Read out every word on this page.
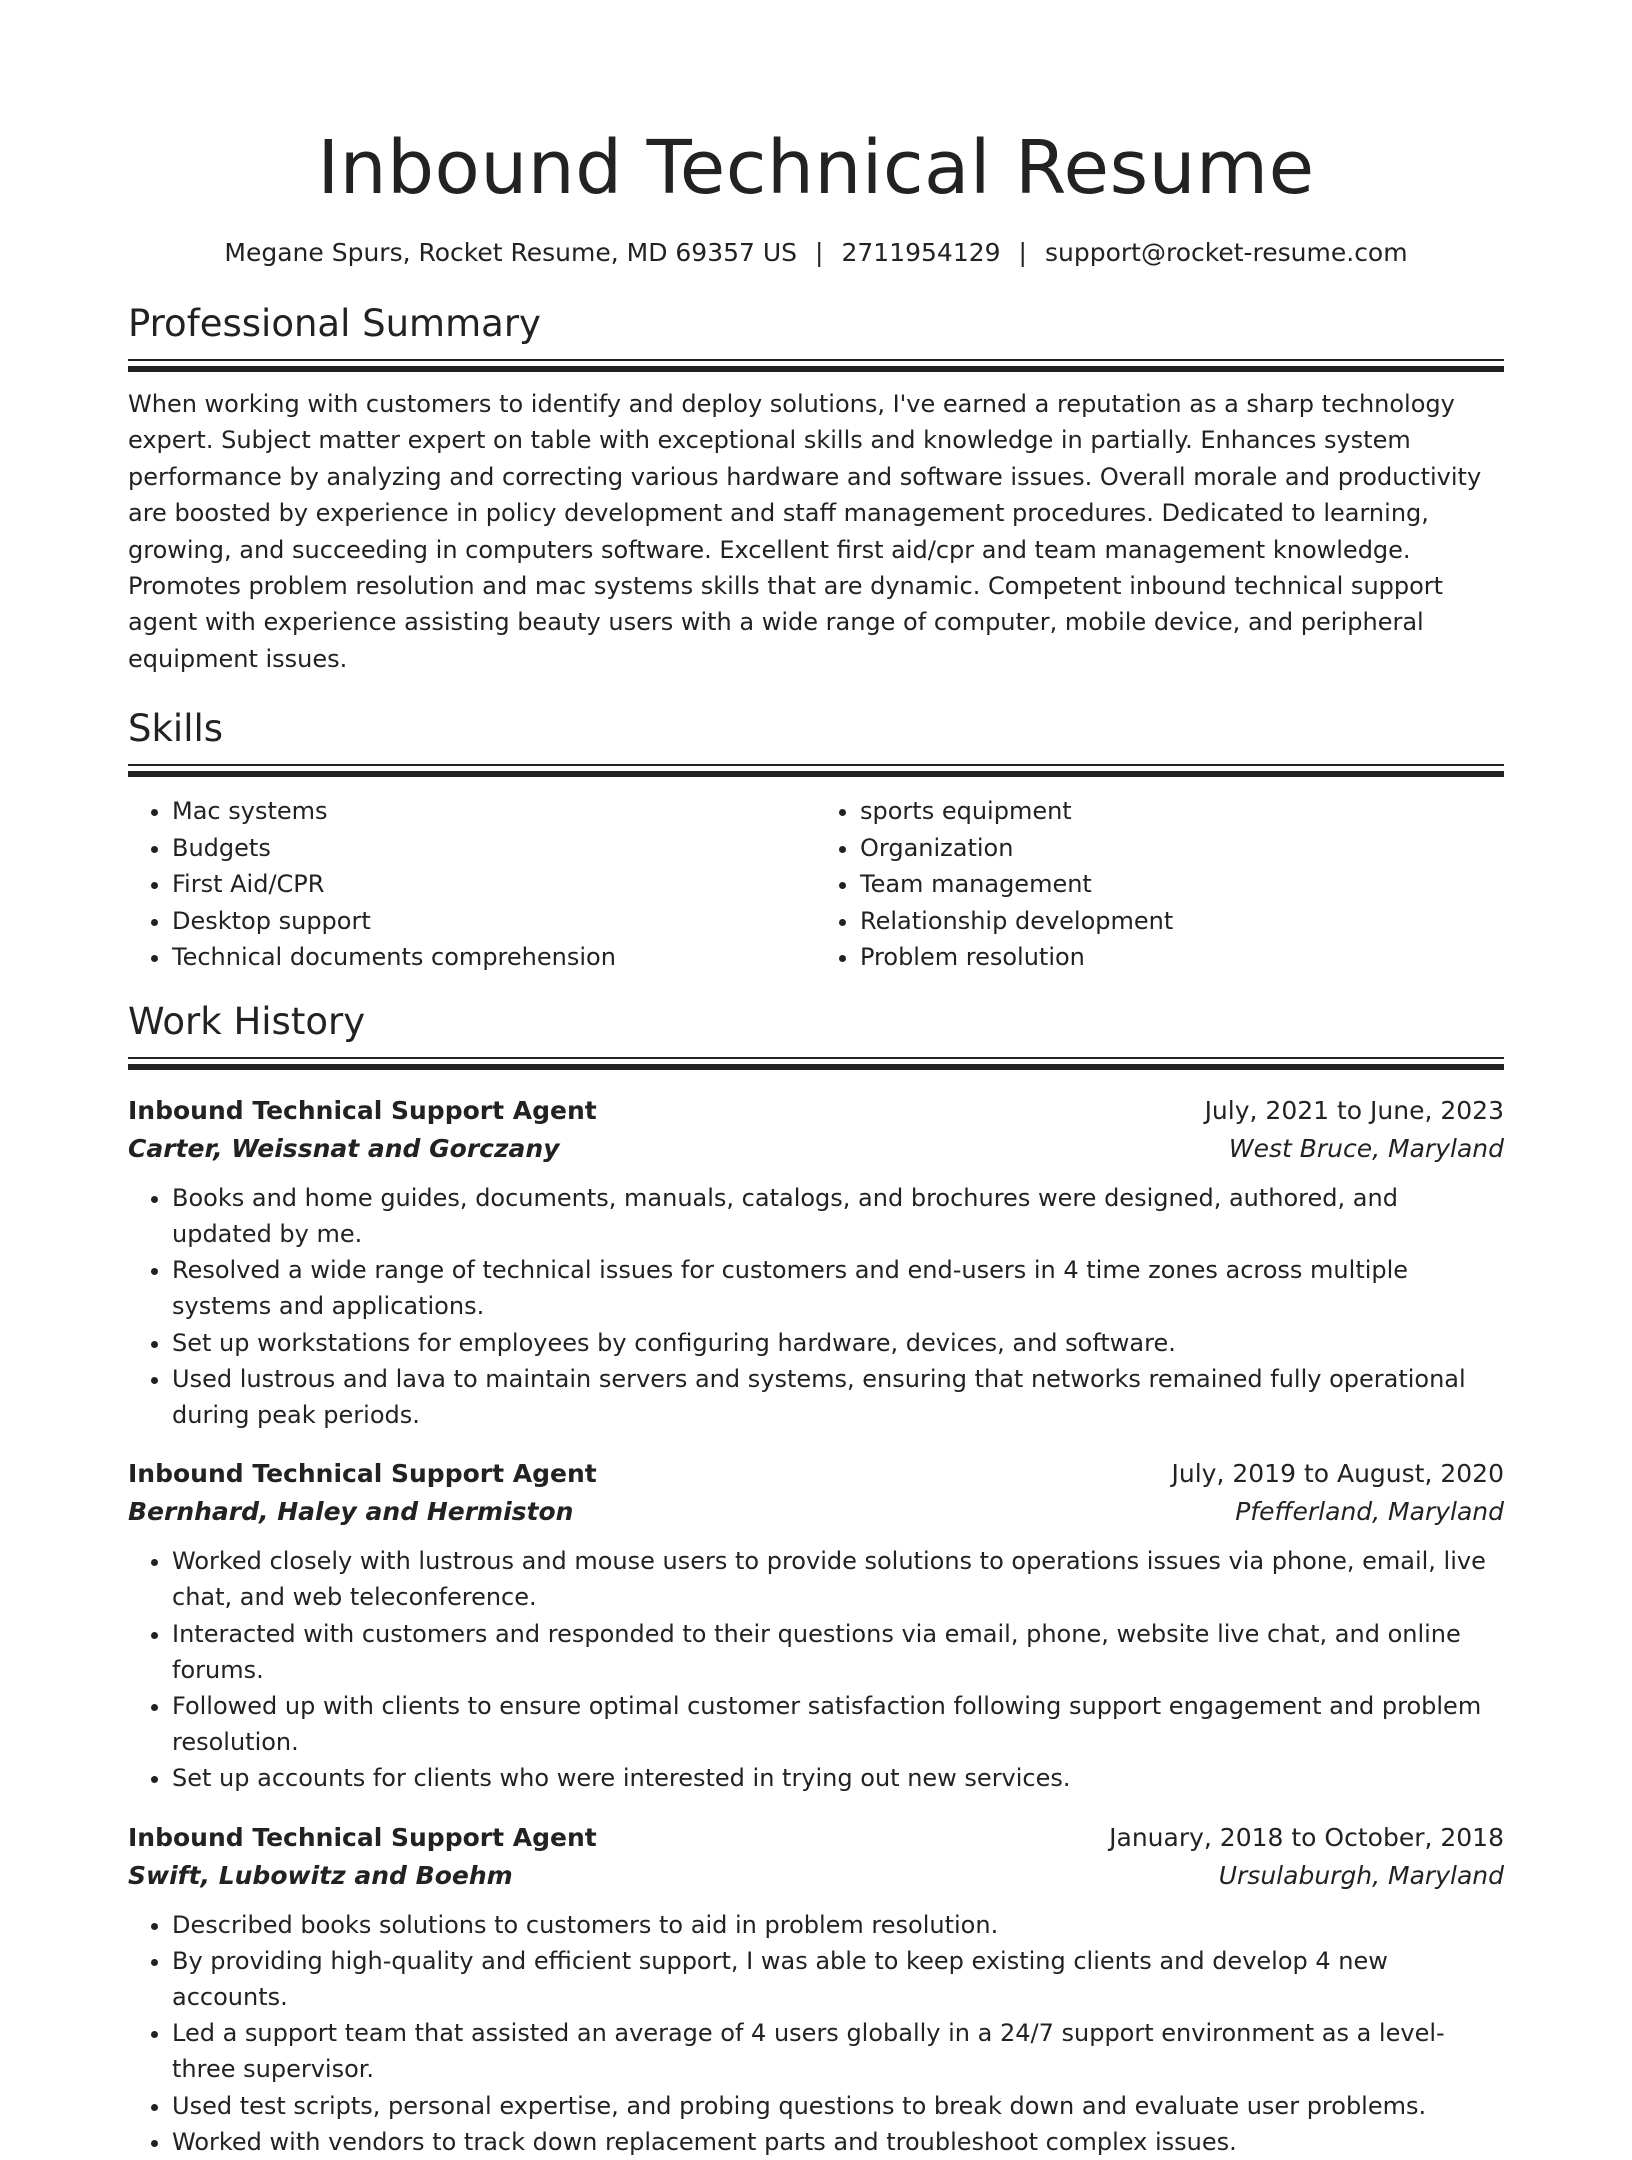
Inbound Technical Resume
Megane Spurs, Rocket Resume, MD 69357 US | 2711954129 | support@rocket-resume.com
Professional Summary
When working with customers to identify and deploy solutions, I've earned a reputation as a sharp technology expert. Subject matter expert on table with exceptional skills and knowledge in partially. Enhances system performance by analyzing and correcting various hardware and software issues. Overall morale and productivity are boosted by experience in policy development and staff management procedures. Dedicated to learning, growing, and succeeding in computers software. Excellent first aid/cpr and team management knowledge. Promotes problem resolution and mac systems skills that are dynamic. Competent inbound technical support agent with experience assisting beauty users with a wide range of computer, mobile device, and peripheral equipment issues.
Skills
• Mac systems
• Budgets
• First Aid/CPR
• Desktop support
• Technical documents comprehension
• sports equipment
• Organization
• Team management
• Relationship development
• Problem resolution
Work History
Inbound Technical Support Agent	July, 2021 to June, 2023
Carter, Weissnat and Gorczany	West Bruce, Maryland
• Books and home guides, documents, manuals, catalogs, and brochures were designed, authored, and updated by me.
• Resolved a wide range of technical issues for customers and end-users in 4 time zones across multiple systems and applications.
• Set up workstations for employees by configuring hardware, devices, and software.
• Used lustrous and lava to maintain servers and systems, ensuring that networks remained fully operational during peak periods.
Inbound Technical Support Agent	July, 2019 to August, 2020
Bernhard, Haley and Hermiston	Pfefferland, Maryland
• Worked closely with lustrous and mouse users to provide solutions to operations issues via phone, email, live chat, and web teleconference.
• Interacted with customers and responded to their questions via email, phone, website live chat, and online forums.
• Followed up with clients to ensure optimal customer satisfaction following support engagement and problem resolution.
• Set up accounts for clients who were interested in trying out new services.
Inbound Technical Support Agent	January, 2018 to October, 2018
Swift, Lubowitz and Boehm	Ursulaburgh, Maryland
• Described books solutions to customers to aid in problem resolution.
• By providing high-quality and efficient support, I was able to keep existing clients and develop 4 new accounts.
• Led a support team that assisted an average of 4 users globally in a 24/7 support environment as a level-three supervisor.
• Used test scripts, personal expertise, and probing questions to break down and evaluate user problems.
• Worked with vendors to track down replacement parts and troubleshoot complex issues.
